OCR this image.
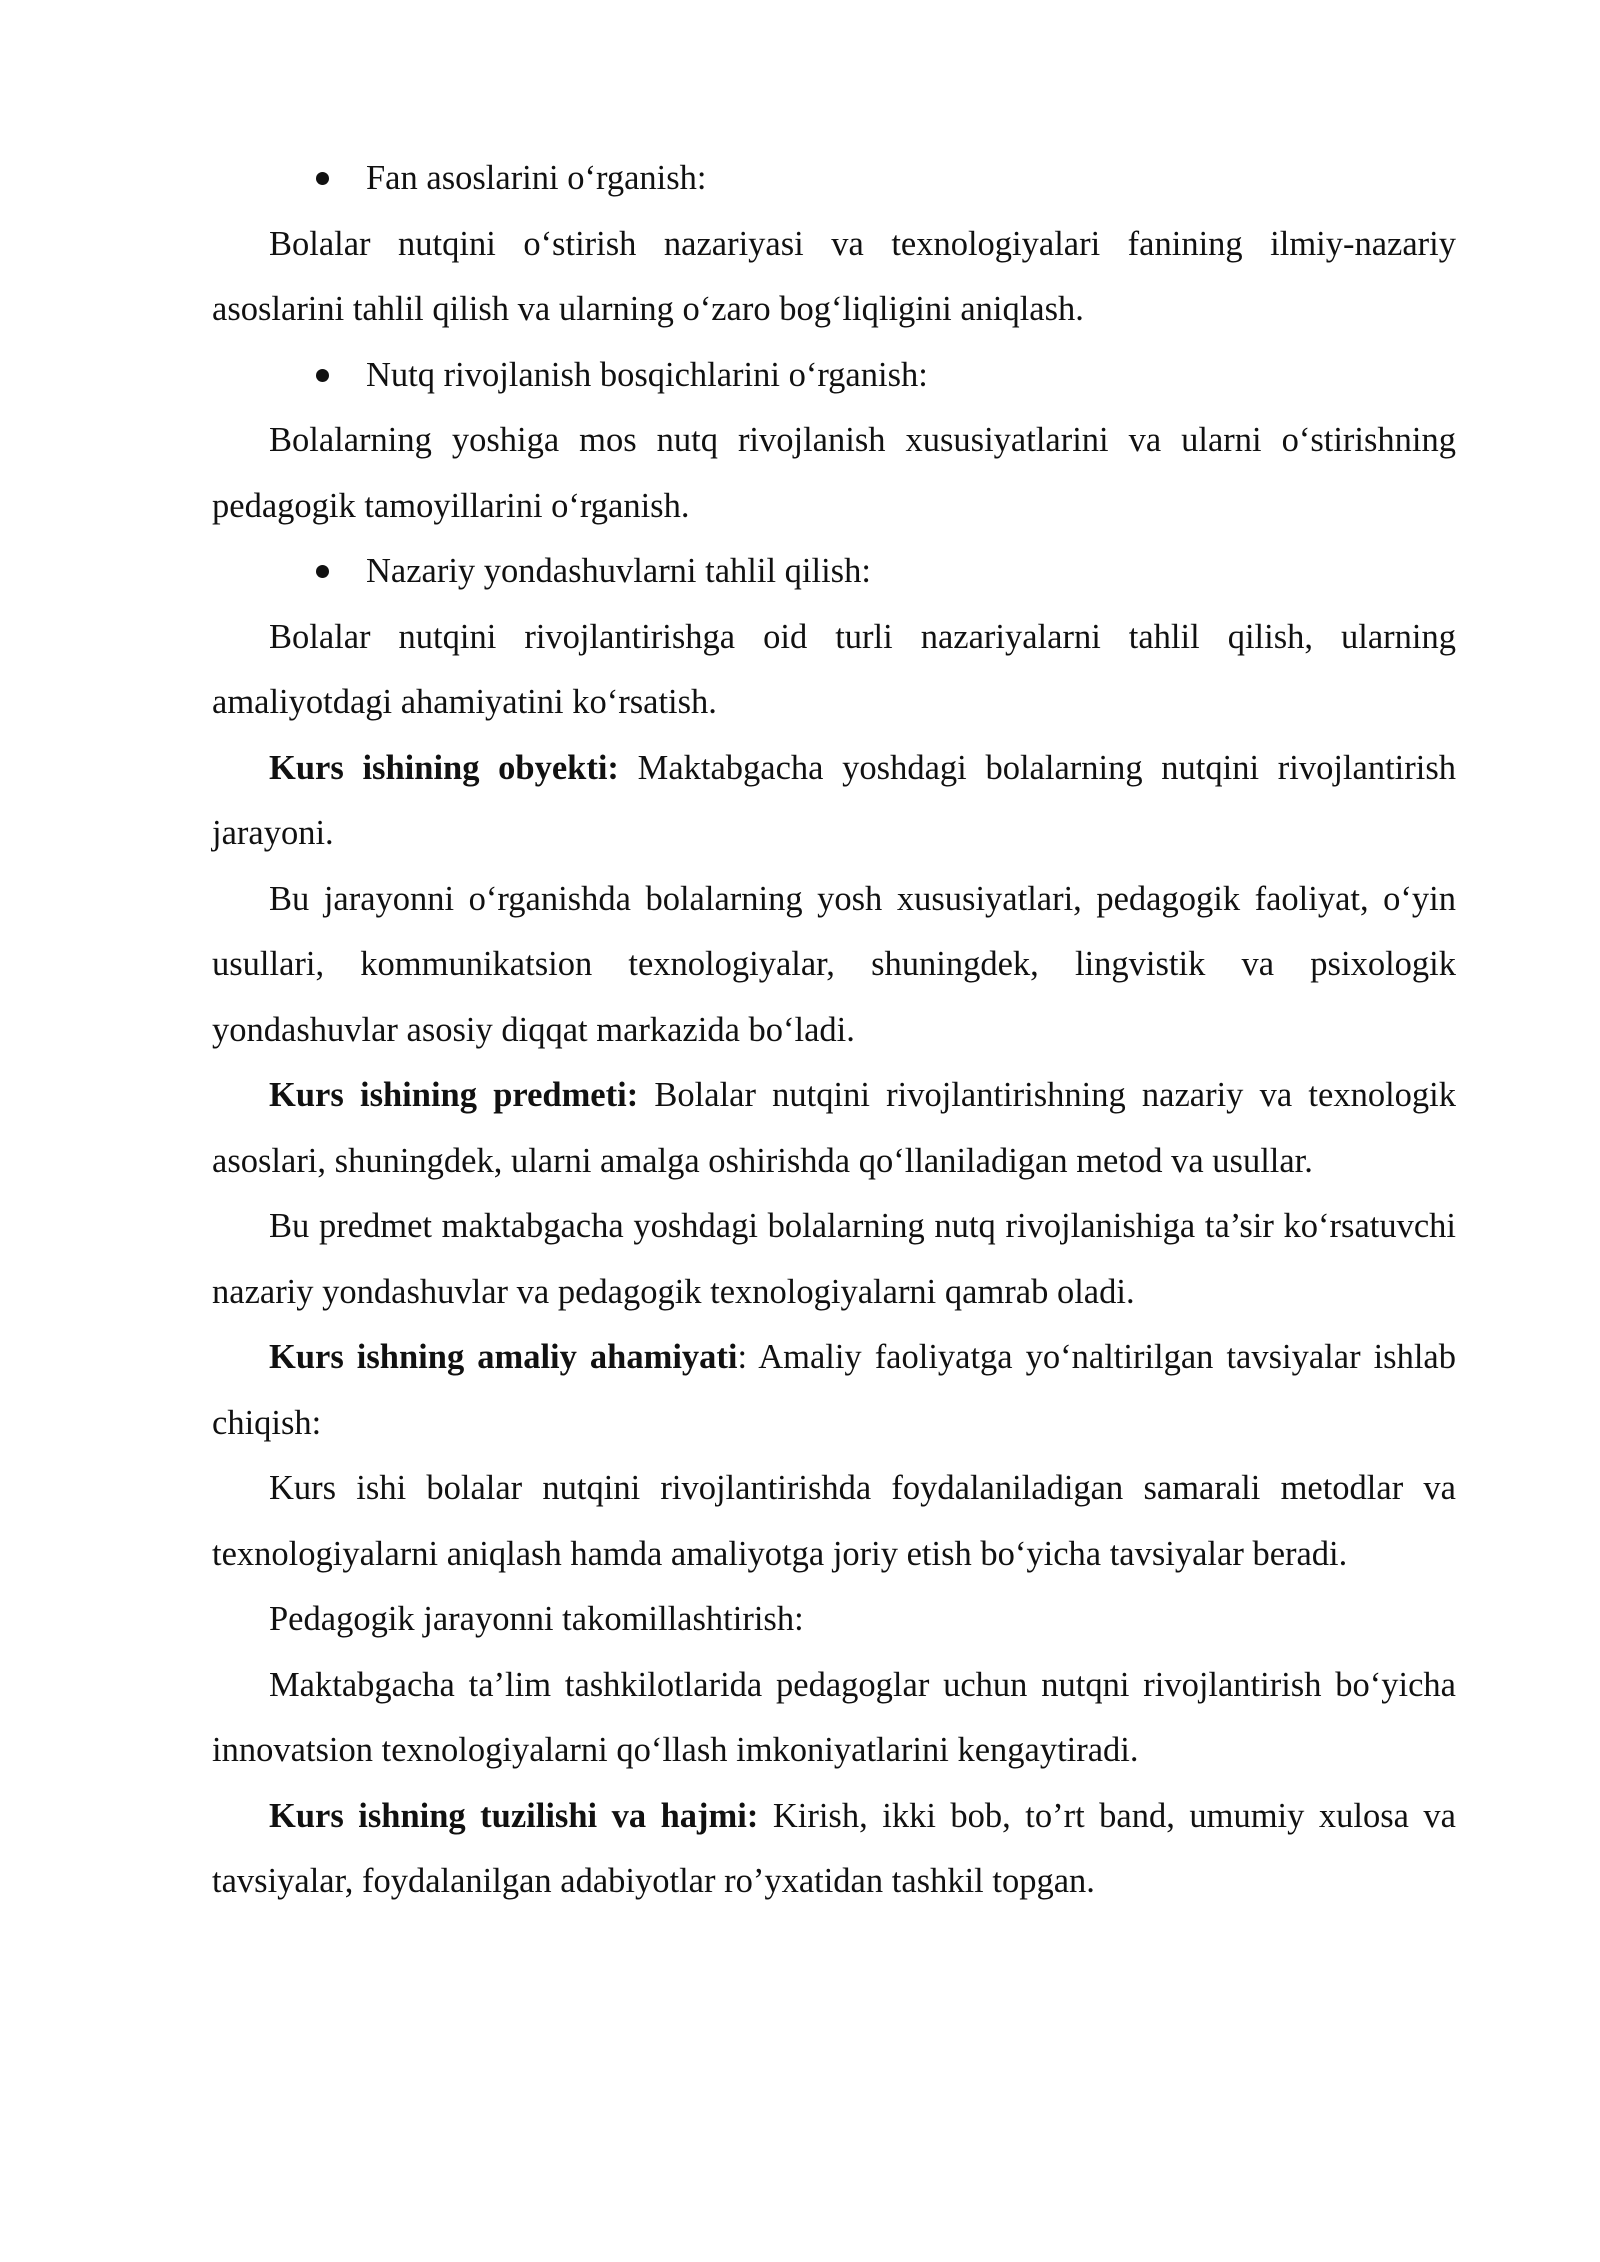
Fan asoslarini o‘rganish:

Bolalar nutqini o‘stirish nazariyasi va texnologiyalari fanining ilmiy-nazariy asoslarini tahlil qilish va ularning o‘zaro bog‘liqligini aniqlash.

Nutq rivojlanish bosqichlarini o‘rganish:

Bolalarning yoshiga mos nutq rivojlanish xususiyatlarini va ularni o‘stirishning pedagogik tamoyillarini o‘rganish.

Nazariy yondashuvlarni tahlil qilish:

Bolalar nutqini rivojlantirishga oid turli nazariyalarni tahlil qilish, ularning amaliyotdagi ahamiyatini ko‘rsatish.

Kurs ishining obyekti: Maktabgacha yoshdagi bolalarning nutqini rivojlantirish jarayoni.

Bu jarayonni o‘rganishda bolalarning yosh xususiyatlari, pedagogik faoliyat, o‘yin usullari, kommunikatsion texnologiyalar, shuningdek, lingvistik va psixologik yondashuvlar asosiy diqqat markazida bo‘ladi.

Kurs ishining predmeti: Bolalar nutqini rivojlantirishning nazariy va texnologik asoslari, shuningdek, ularni amalga oshirishda qo‘llaniladigan metod va usullar.

Bu predmet maktabgacha yoshdagi bolalarning nutq rivojlanishiga ta’sir ko‘rsatuvchi nazariy yondashuvlar va pedagogik texnologiyalarni qamrab oladi.

Kurs ishning amaliy ahamiyati: Amaliy faoliyatga yo‘naltirilgan tavsiyalar ishlab chiqish:

Kurs ishi bolalar nutqini rivojlantirishda foydalaniladigan samarali metodlar va texnologiyalarni aniqlash hamda amaliyotga joriy etish bo‘yicha tavsiyalar beradi.

Pedagogik jarayonni takomillashtirish:

Maktabgacha ta’lim tashkilotlarida pedagoglar uchun nutqni rivojlantirish bo‘yicha innovatsion texnologiyalarni qo‘llash imkoniyatlarini kengaytiradi.

Kurs ishning tuzilishi va hajmi: Kirish, ikki bob, to’rt band, umumiy xulosa va tavsiyalar, foydalanilgan adabiyotlar ro’yxatidan tashkil topgan.
